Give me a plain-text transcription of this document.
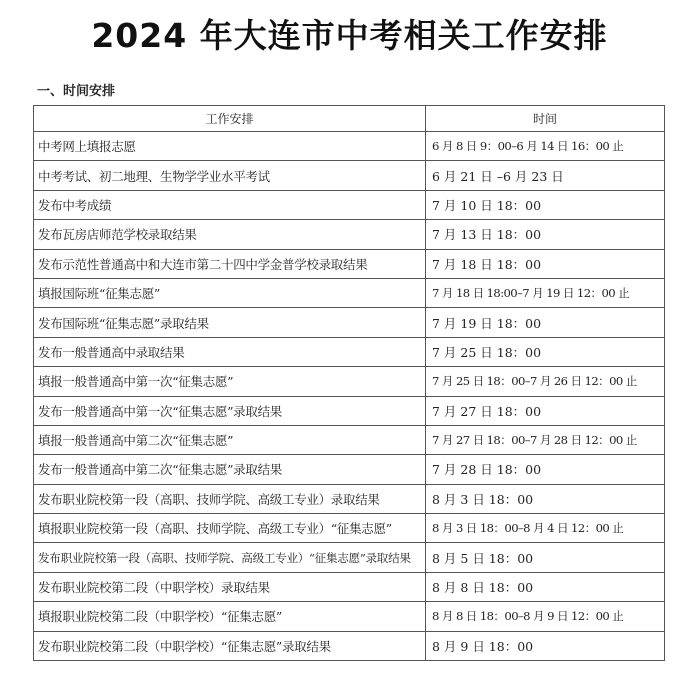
2024 年大连市中考相关工作安排
一、时间安排
工作安排	时间
中考网上填报志愿	6 月 8 日 9：00–6 月 14 日 16：00 止
中考考试、初二地理、生物学学业水平考试	6 月 21 日 –6 月 23 日
发布中考成绩	7 月 10 日 18：00
发布瓦房店师范学校录取结果	7 月 13 日 18：00
发布示范性普通高中和大连市第二十四中学金普学校录取结果	7 月 18 日 18：00
填报国际班“征集志愿”	7 月 18 日 18:00–7 月 19 日 12：00 止
发布国际班“征集志愿”录取结果	7 月 19 日 18：00
发布一般普通高中录取结果	7 月 25 日 18：00
填报一般普通高中第一次“征集志愿”	7 月 25 日 18：00–7 月 26 日 12：00 止
发布一般普通高中第一次“征集志愿”录取结果	7 月 27 日 18：00
填报一般普通高中第二次“征集志愿”	7 月 27 日 18：00–7 月 28 日 12：00 止
发布一般普通高中第二次“征集志愿”录取结果	7 月 28 日 18：00
发布职业院校第一段（高职、技师学院、高级工专业）录取结果	8 月 3 日 18：00
填报职业院校第一段（高职、技师学院、高级工专业）“征集志愿”	8 月 3 日 18：00–8 月 4 日 12：00 止
发布职业院校第一段（高职、技师学院、高级工专业）“征集志愿”录取结果	8 月 5 日 18：00
发布职业院校第二段（中职学校）录取结果	8 月 8 日 18：00
填报职业院校第二段（中职学校）“征集志愿”	8 月 8 日 18：00–8 月 9 日 12：00 止
发布职业院校第二段（中职学校）“征集志愿”录取结果	8 月 9 日 18：00
